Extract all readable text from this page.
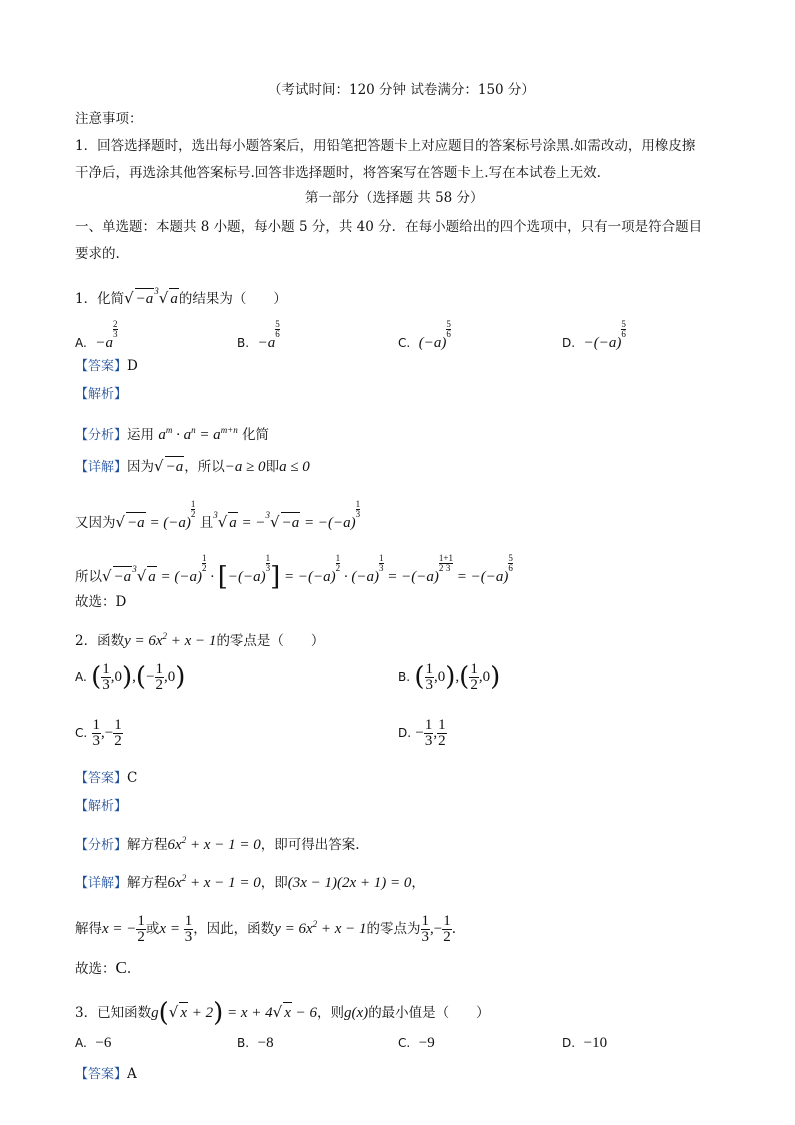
（考试时间：120 分钟 试卷满分：150 分）
注意事项：
1．回答选择题时，选出每小题答案后，用铅笔把答题卡上对应题目的答案标号涂黑.如需改动，用橡皮擦
干净后，再选涂其他答案标号.回答非选择题时，将答案写在答题卡上.写在本试卷上无效.
第一部分（选择题 共 58 分）
一、单选题：本题共 8 小题，每小题 5 分，共 40 分．在每小题给出的四个选项中，只有一项是符合题目
要求的.
1．化简√ $-a^3√$ a的结果为（　　）
A. −a
$\frac{2}{3}$
B. −a
$\frac{5}{6}$
C. (−a)
$\frac{5}{6}$
D. −(−a)
$\frac{5}{6}$
【答案】D
【解析】
【分析】运用 $a^m \cdot a^n = a^{m+n}$ 化简
【详解】因为√ −a，所以−a ≥ 0即a ≤ 0
又因为√ −a = (−a)
$\frac{1}{2}$
且$^3$√ a = −$^3$√ −a = −(−a)
$\frac{1}{3}$
所以√ $-a^3√$ a = (−a)
$\frac{1}{2}$
· [−(−a)
$\frac{1}{3}$ ] = −(−a)
$\frac{1}{2}$
· (−a)
$\frac{1}{3}$
= −(−a)
$\frac{1}{2} \frac{+1}{3}$
= −(−a)
$\frac{5}{6}$
故选：D
2．函数$y = 6x^2 + x - 1$的零点是（　　）
A. ( $\frac{1}{3} ,0),(- \frac{1}{2} ,0)$	B. ( $\frac{1}{3} ,0),( \frac{1}{2} ,0)$
C. $\frac{1}{3}$ ,− $\frac{1}{2}$	D. − $\frac{1}{3}$ , $\frac{1}{2}$
【答案】C
【解析】
【分析】解方程$6x^2 + x - 1 = 0$，即可得出答案.
【详解】解方程$6x^2 + x - 1 = 0$，即(3x − 1)(2x + 1) = 0，
解得x = − $\frac{1}{2}$ 或$x = \frac{1}{3}$ ，因此，函数$y = 6x^2 + x - 1$的零点为 $\frac{1}{3}$ ,− $\frac{1}{2}$ .
故选：C.
3．已知函数g(√ x + 2) = x + 4√ x − 6，则g(x)的最小值是（　　）
A. −6	B. −8	C. −9	D. −10
【答案】A
